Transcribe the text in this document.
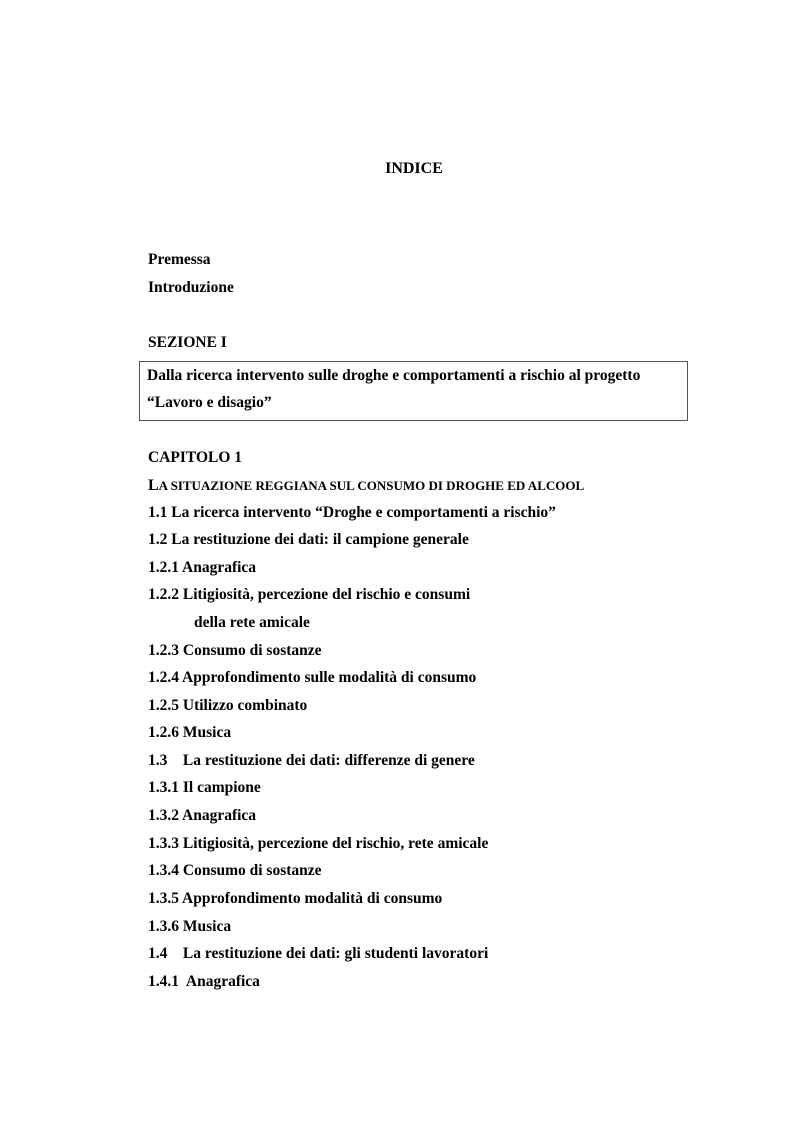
INDICE
Premessa
Introduzione
SEZIONE I
Dalla ricerca intervento sulle droghe e comportamenti a rischio al progetto
“Lavoro e disagio”
CAPITOLO 1
LA SITUAZIONE REGGIANA SUL CONSUMO DI DROGHE ED ALCOOL
1.1 La ricerca intervento “Droghe e comportamenti a rischio”
1.2 La restituzione dei dati: il campione generale
1.2.1 Anagrafica
1.2.2 Litigiosità, percezione del rischio e consumi
della rete amicale
1.2.3 Consumo di sostanze
1.2.4 Approfondimento sulle modalità di consumo
1.2.5 Utilizzo combinato
1.2.6 Musica
1.3    La restituzione dei dati: differenze di genere
1.3.1 Il campione
1.3.2 Anagrafica
1.3.3 Litigiosità, percezione del rischio, rete amicale
1.3.4 Consumo di sostanze
1.3.5 Approfondimento modalità di consumo
1.3.6 Musica
1.4    La restituzione dei dati: gli studenti lavoratori
1.4.1  Anagrafica
